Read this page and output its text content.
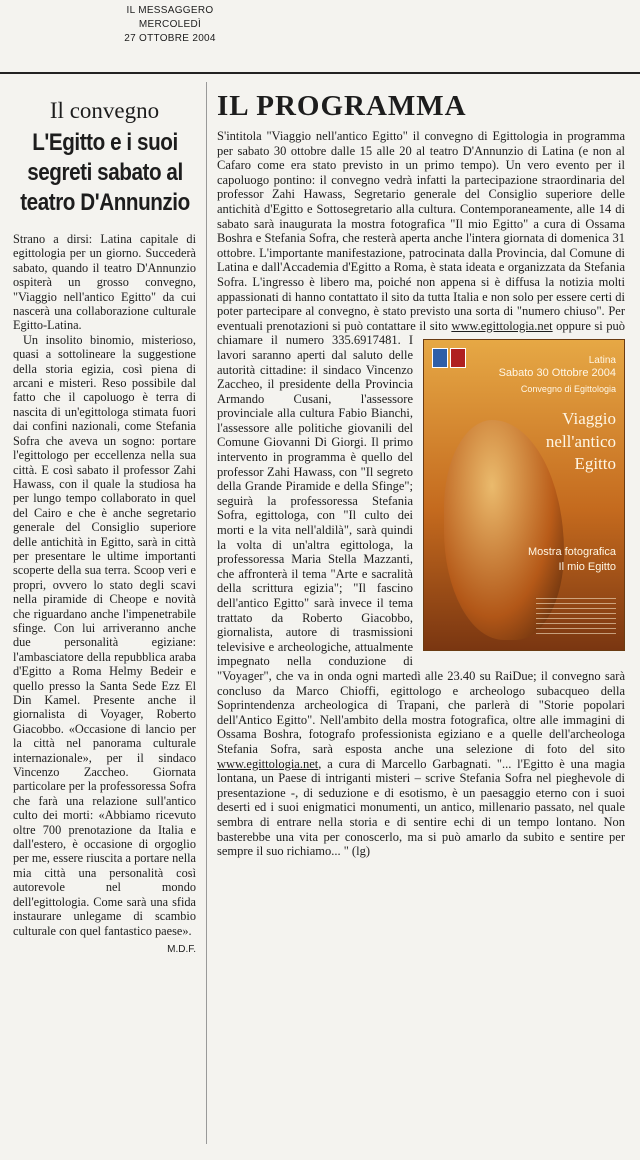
IL MESSAGGERO
MERCOLEDÌ
27 OTTOBRE 2004
Il convegno
L'Egitto e i suoi segreti sabato al teatro D'Annunzio

Strano a dirsi: Latina capitale di egittologia per un giorno. Succederà sabato, quando il teatro D'Annunzio ospiterà un grosso convegno, "Viaggio nell'antico Egitto" da cui nascerà una collaborazione culturale Egitto-Latina.

Un insolito binomio, misterioso, quasi a sottolineare la suggestione della storia egizia, così piena di arcani e misteri. Reso possibile dal fatto che il capoluogo è terra di nascita di un'egittologa stimata fuori dai confini nazionali, come Stefania Sofra che aveva un sogno: portare l'egittologo per eccellenza nella sua città. E così sabato il professor Zahi Hawass, con il quale la studiosa ha per lungo tempo collaborato in quel del Cairo e che è anche segretario generale del Consiglio superiore delle antichità in Egitto, sarà in città per presentare le ultime importanti scoperte della sua terra. Scoop veri e propri, ovvero lo stato degli scavi nella piramide di Cheope e novità che riguardano anche l'impenetrabile sfinge. Con lui arriveranno anche due personalità egiziane: l'ambasciatore della repubblica araba d'Egitto a Roma Helmy Bedeir e quello presso la Santa Sede Ezz El Din Kamel. Presente anche il giornalista di Voyager, Roberto Giacobbo. «Occasione di lancio per la città nel panorama culturale internazionale», per il sindaco Vincenzo Zaccheo. Giornata particolare per la professoressa Sofra che farà una relazione sull'antico culto dei morti: «Abbiamo ricevuto oltre 700 prenotazione da Italia e dall'estero, è occasione di orgoglio per me, essere riuscita a portare nella mia città una personalità così autorevole nel mondo dell'egittologia. Come sarà una sfida instaurare unlegame di scambio culturale con quel fantastico paese».

M.D.F.
IL PROGRAMMA
S'intitola "Viaggio nell'antico Egitto" il convegno di Egittologia in programma per sabato 30 ottobre dalle 15 alle 20 al teatro D'Annunzio di Latina (e non al Cafaro come era stato previsto in un primo tempo). Un vero evento per il capoluogo pontino: il convegno vedrà infatti la partecipazione straordinaria del professor Zahi Hawass, Segretario generale del Consiglio superiore delle antichità d'Egitto e Sottosegretario alla cultura. Contemporaneamente, alle 14 di sabato sarà inaugurata la mostra fotografica "Il mio Egitto" a cura di Ossama Boshra e Stefania Sofra, che resterà aperta anche l'intera giornata di domenica 31 ottobre. L'importante manifestazione, patrocinata dalla Provincia, dal Comune di Latina e dall'Accademia d'Egitto a Roma, è stata ideata e organizzata da Stefania Sofra. L'ingresso è libero ma, poiché non appena si è diffusa la notizia molti appassionati di hanno contattato il sito da tutta Italia e non solo per essere certi di poter partecipare al convegno, è stato previsto una sorta di "numero chiuso". Per eventuali prenotazioni si può contattare il sito www.egittologia.net
Latina
Sabato 30 Ottobre 2004
Convegno di Egittologia
Viaggio
nell'antico
Egitto
Mostra fotografica
Il mio Egitto
oppure si può chiamare il numero 335.6917481. I lavori saranno aperti dal saluto delle autorità cittadine: il sindaco Vincenzo Zaccheo, il presidente della Provincia Armando Cusani, l'assessore provinciale alla cultura Fabio Bianchi, l'assessore alle politiche giovanili del Comune Giovanni Di Giorgi. Il primo intervento in programma è quello del professor Zahi Hawass, con "Il segreto della Grande Piramide e della Sfinge"; seguirà la professoressa Stefania Sofra, egittologa, con "Il culto dei morti e la vita nell'aldilà", sarà quindi la volta di un'altra egittologa, la professoressa Maria Stella Mazzanti, che affronterà il tema "Arte e sacralità della scrittura egizia"; "Il fascino dell'antico Egitto" sarà invece il tema trattato da Roberto Giacobbo, giornalista, autore di trasmissioni televisive e archeologiche, attualmente impegnato nella conduzione di "Voyager", che va in onda ogni martedì alle 23.40 su RaiDue; il convegno sarà concluso da Marco Chioffi, egittologo e archeologo subacqueo della Soprintendenza archeologica di Trapani, che parlerà di "Storie popolari dell'Antico Egitto". Nell'ambito della mostra fotografica, oltre alle immagini di Ossama Boshra, fotografo professionista egiziano e a quelle dell'archeologa Stefania Sofra, sarà esposta anche una selezione di foto del sito www.egittologia.net, a cura di Marcello Garbagnati. "... l'Egitto è una magia lontana, un Paese di intriganti misteri – scrive Stefania Sofra nel pieghevole di presentazione -, di seduzione e di esotismo, è un paesaggio eterno con i suoi deserti ed i suoi enigmatici monumenti, un antico, millenario passato, nel quale sembra di entrare nella storia e di sentire echi di un tempo lontano. Non basterebbe una vita per conoscerlo, ma si può amarlo da subito e sentire per sempre il suo richiamo... " (lg)
